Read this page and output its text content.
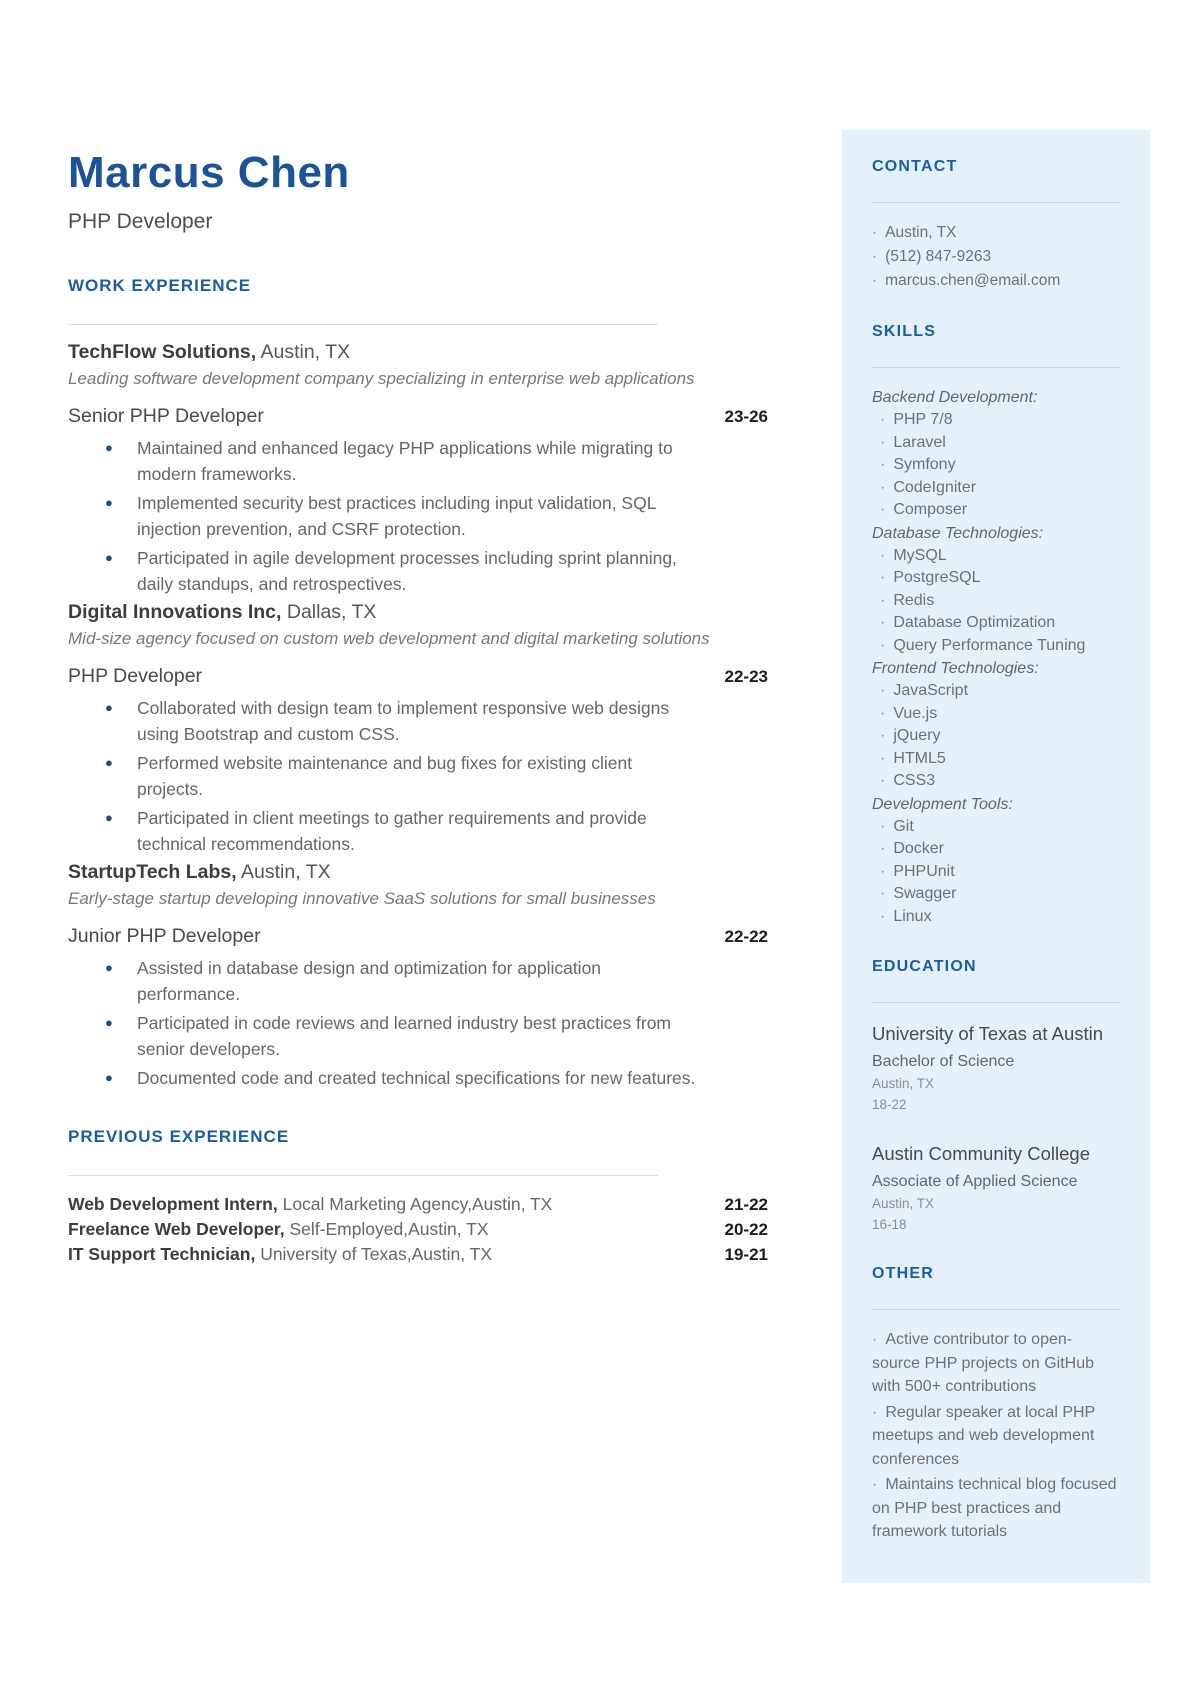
Marcus Chen
PHP Developer
WORK EXPERIENCE
TechFlow Solutions, Austin, TX
Leading software development company specializing in enterprise web applications
Senior PHP Developer	23-26
●	Maintained and enhanced legacy PHP applications while migrating to modern frameworks.
●	Implemented security best practices including input validation, SQL injection prevention, and CSRF protection.
●	Participated in agile development processes including sprint planning, daily standups, and retrospectives.
Digital Innovations Inc, Dallas, TX
Mid-size agency focused on custom web development and digital marketing solutions
PHP Developer	22-23
●	Collaborated with design team to implement responsive web designs using Bootstrap and custom CSS.
●	Performed website maintenance and bug fixes for existing client projects.
●	Participated in client meetings to gather requirements and provide technical recommendations.
StartupTech Labs, Austin, TX
Early-stage startup developing innovative SaaS solutions for small businesses
Junior PHP Developer	22-22
●	Assisted in database design and optimization for application performance.
●	Participated in code reviews and learned industry best practices from senior developers.
●	Documented code and created technical specifications for new features.
PREVIOUS EXPERIENCE
Web Development Intern, Local Marketing Agency,Austin, TX	21-22
Freelance Web Developer, Self-Employed,Austin, TX	20-22
IT Support Technician, University of Texas,Austin, TX	19-21
CONTACT
· Austin, TX
· (512) 847-9263
· marcus.chen@email.com
SKILLS
Backend Development:
· PHP 7/8
· Laravel
· Symfony
· CodeIgniter
· Composer
Database Technologies:
· MySQL
· PostgreSQL
· Redis
· Database Optimization
· Query Performance Tuning
Frontend Technologies:
· JavaScript
· Vue.js
· jQuery
· HTML5
· CSS3
Development Tools:
· Git
· Docker
· PHPUnit
· Swagger
· Linux
EDUCATION
University of Texas at Austin
Bachelor of Science
Austin, TX
18-22
Austin Community College
Associate of Applied Science
Austin, TX
16-18
OTHER
· Active contributor to open-source PHP projects on GitHub with 500+ contributions
· Regular speaker at local PHP meetups and web development conferences
· Maintains technical blog focused on PHP best practices and framework tutorials
